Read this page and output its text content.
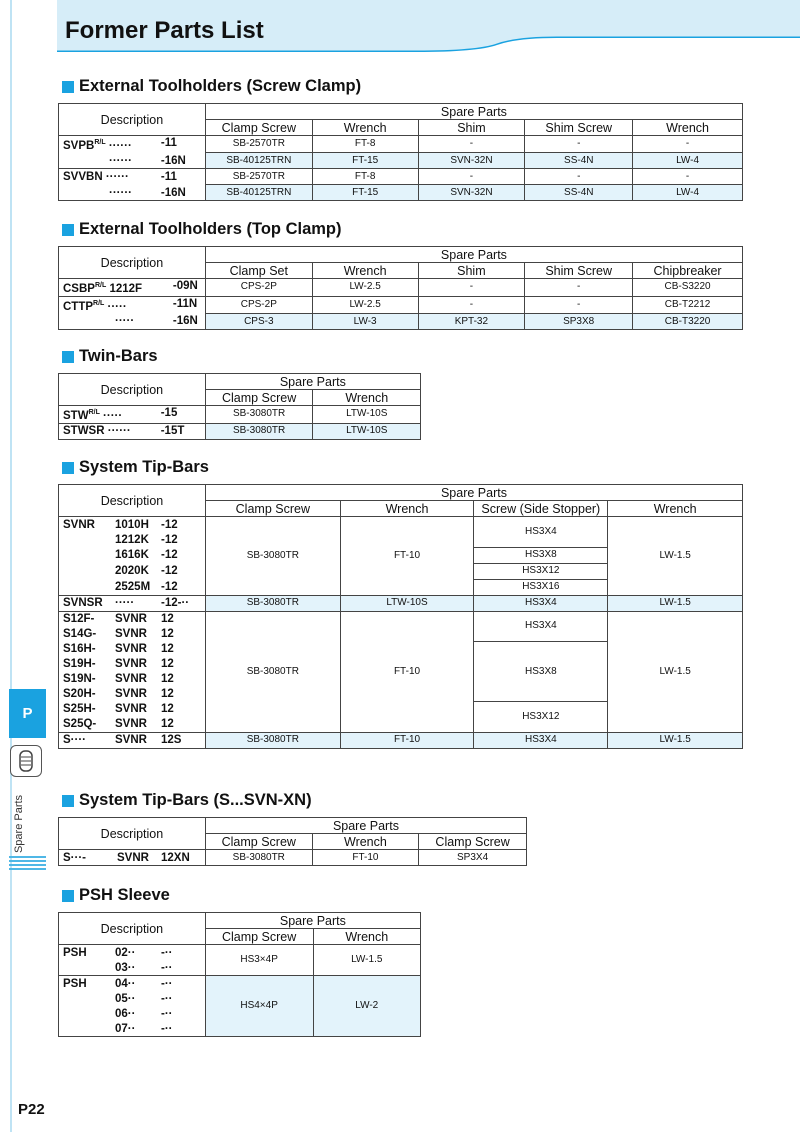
Former Parts List
P
Spare Parts
External Toolholders (Screw Clamp)
Description	Spare Parts				
	Clamp Screw	Wrench	Shim	Shim Screw	Wrench

$SVPB^{R/L}$ ······ -11	SB-2570TR	FT-8	-	-	-

······ -16N	SB-40125TRN	FT-15	SVN-32N	SS-4N	LW-4

SVVBN ······ -11	SB-2570TR	FT-8	-	-	-

······ -16N	SB-40125TRN	FT-15	SVN-32N	SS-4N	LW-4
External Toolholders (Top Clamp)
Description	Spare Parts				
	Clamp Set	Wrench	Shim	Shim Screw	Chipbreaker

$CSBP^{R/L}$ 1212F -09N	CPS-2P	LW-2.5	-	-	CB-S3220

$CTTP^{R/L}$ ····· -11N	CPS-2P	LW-2.5	-	-	CB-T2212

····· -16N	CPS-3	LW-3	KPT-32	SP3X8	CB-T3220
Twin-Bars
Description	Spare Parts	
	Clamp Screw	Wrench

$STW^{R/L}$ ····· -15	SB-3080TR	LTW-10S

STWSR ······ -15T	SB-3080TR	LTW-10S
System Tip-Bars
Description	Spare Parts			
	Clamp Screw	Wrench	Screw (Side Stopper)	Wrench
SVNR 1010H -12	SB-3080TR	FT-10	HS3X4	LW-1.5
1212K -12				
1616K -12			HS3X8	
2020K -12			HS3X12	
2525M -12			HS3X16	
SVNSR ····· -12-··	SB-3080TR	LTW-10S	HS3X4	LW-1.5
S12F- SVNR 12	SB-3080TR	FT-10	HS3X4	LW-1.5
S14G- SVNR 12				
S16H- SVNR 12			HS3X8	
S19H- SVNR 12				
S19N- SVNR 12				
S20H- SVNR 12				
S25H- SVNR 12			HS3X12	
S25Q- SVNR 12				
S···· SVNR 12S	SB-3080TR	FT-10	HS3X4	LW-1.5
System Tip-Bars (S...SVN-XN)
Description	Spare Parts		
	Clamp Screw	Wrench	Clamp Screw
S···- SVNR 12XN	SB-3080TR	FT-10	SP3X4
PSH Sleeve
Description	Spare Parts	
	Clamp Screw	Wrench
PSH 02·· -··	HS3×4P	LW-1.5
03·· -··		
PSH 04·· -··	HS4×4P	LW-2
05·· -··		
06·· -··		
07·· -··		
P22
